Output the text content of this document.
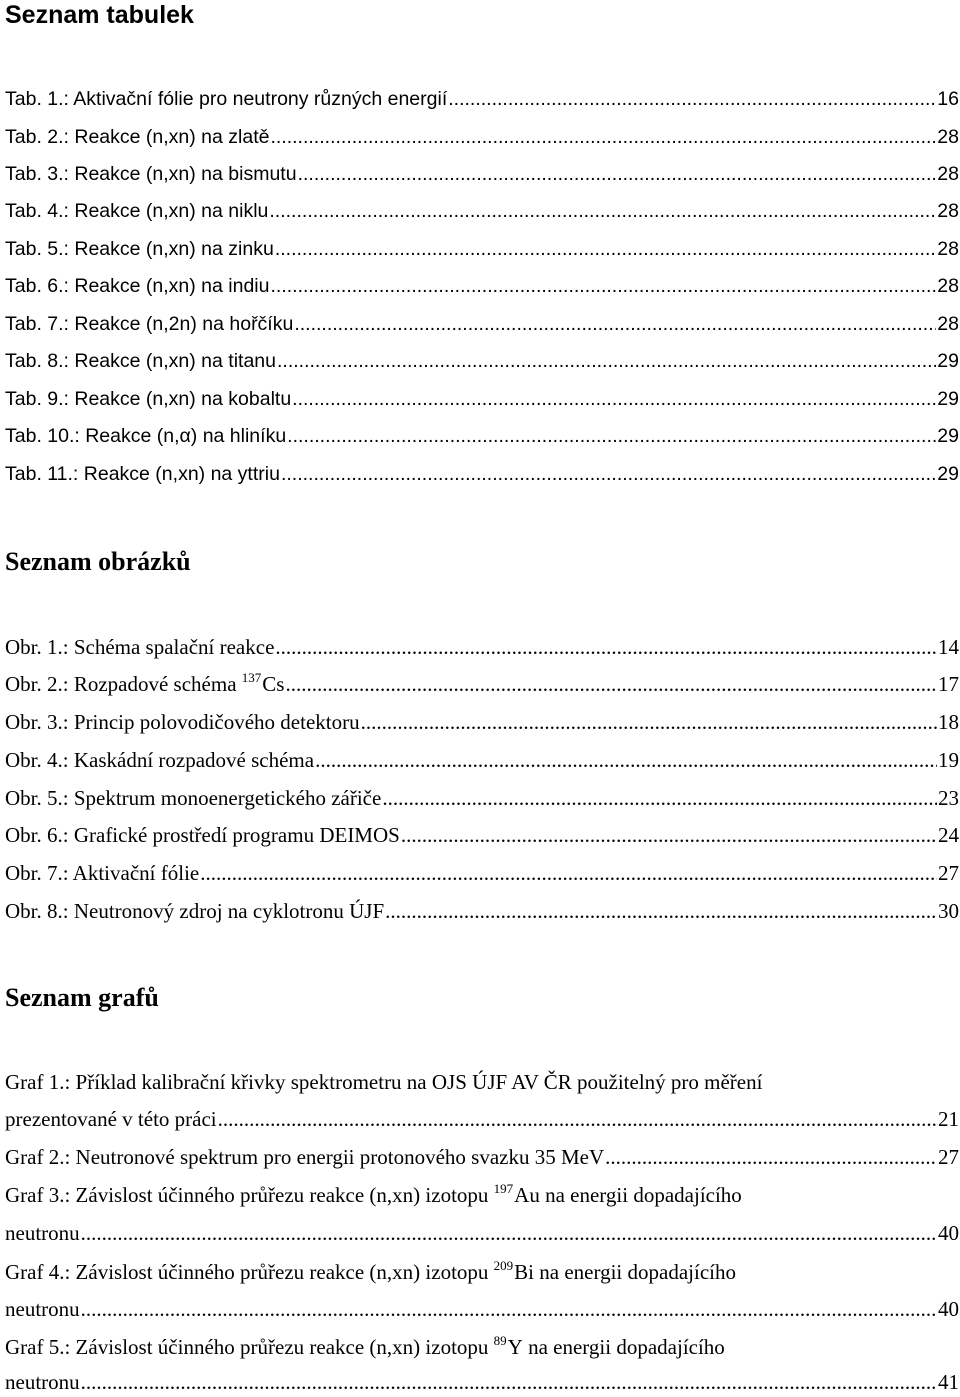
Seznam tabulek
Tab. 1.: Aktivační fólie pro neutrony různých energií .....	16
Tab. 2.: Reakce (n,xn) na zlatě .....	28
Tab. 3.: Reakce (n,xn) na bismutu .....	28
Tab. 4.: Reakce (n,xn) na niklu .....	28
Tab. 5.: Reakce (n,xn) na zinku .....	28
Tab. 6.: Reakce (n,xn) na indiu .....	28
Tab. 7.: Reakce (n,2n) na hořčíku .....	28
Tab. 8.: Reakce (n,xn) na titanu .....	29
Tab. 9.: Reakce (n,xn) na kobaltu .....	29
Tab. 10.: Reakce (n,α) na hliníku .....	29
Tab. 11.: Reakce (n,xn) na yttriu .....	29
Seznam obrázků
Obr. 1.: Schéma spalační reakce .....	14
Obr. 2.: Rozpadové schéma $^{137}$Cs .....	17
Obr. 3.: Princip polovodičového detektoru .....	18
Obr. 4.: Kaskádní rozpadové schéma .....	19
Obr. 5.: Spektrum monoenergetického zářiče .....	23
Obr. 6.: Grafické prostředí programu DEIMOS .....	24
Obr. 7.: Aktivační fólie .....	27
Obr. 8.: Neutronový zdroj na cyklotronu ÚJF .....	30
Seznam grafů
Graf 1.: Příklad kalibrační křivky spektrometru na OJS ÚJF AV ČR použitelný pro měření
prezentované v této práci .....	21
Graf 2.: Neutronové spektrum pro energii protonového svazku 35 MeV .....	27
Graf 3.: Závislost účinného průřezu reakce (n,xn) izotopu $^{197}$Au na energii dopadajícího
neutronu .....	40
Graf 4.: Závislost účinného průřezu reakce (n,xn) izotopu $^{209}$Bi na energii dopadajícího
neutronu .....	40
Graf 5.: Závislost účinného průřezu reakce (n,xn) izotopu $^{89}$Y na energii dopadajícího
neutronu .....	41
